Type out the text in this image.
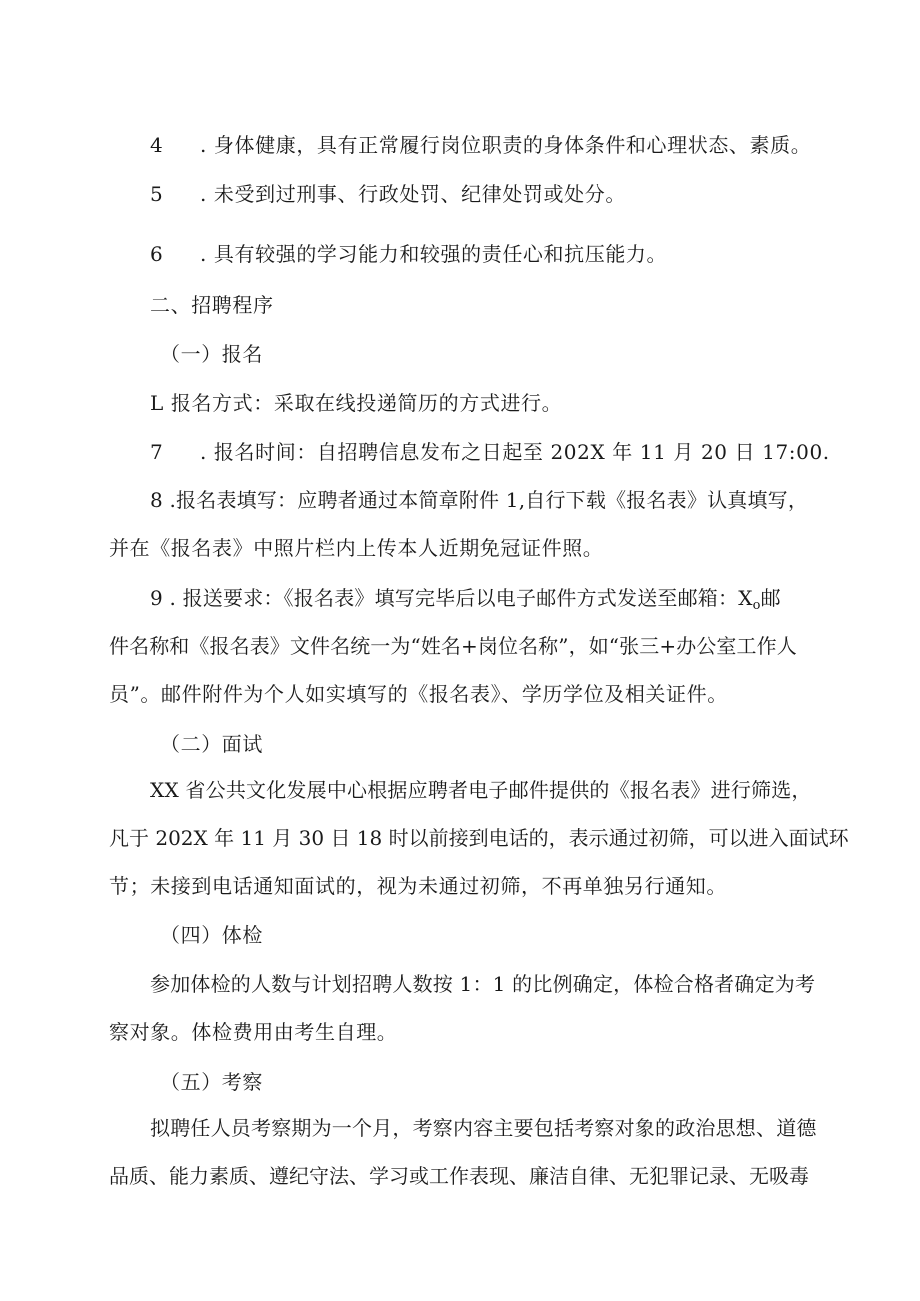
4 . 身体健康，具有正常履行岗位职责的身体条件和心理状态、素质。
5 . 未受到过刑事、行政处罚、纪律处罚或处分。
6 . 具有较强的学习能力和较强的责任心和抗压能力。
二、招聘程序
（一）报名
L 报名方式：采取在线投递简历的方式进行。
7 . 报名时间：自招聘信息发布之日起至 202X 年 11 月 20 日 17:00.
8 .报名表填写：应聘者通过本简章附件 1,自行下载《报名表》认真填写，
并在《报名表》中照片栏内上传本人近期免冠证件照。
9 . 报送要求：《报名表》填写完毕后以电子邮件方式发送至邮箱：$X_o$邮
件名称和《报名表》文件名统一为“姓名+岗位名称”，如“张三+办公室工作人
员”。邮件附件为个人如实填写的《报名表》、学历学位及相关证件。
（二）面试
XX 省公共文化发展中心根据应聘者电子邮件提供的《报名表》进行筛选，
凡于 202X 年 11 月 30 日 18 时以前接到电话的，表示通过初筛，可以进入面试环
节；未接到电话通知面试的，视为未通过初筛，不再单独另行通知。
（四）体检
参加体检的人数与计划招聘人数按 1：1 的比例确定，体检合格者确定为考
察对象。体检费用由考生自理。
（五）考察
拟聘任人员考察期为一个月，考察内容主要包括考察对象的政治思想、道德
品质、能力素质、遵纪守法、学习或工作表现、廉洁自律、无犯罪记录、无吸毒
